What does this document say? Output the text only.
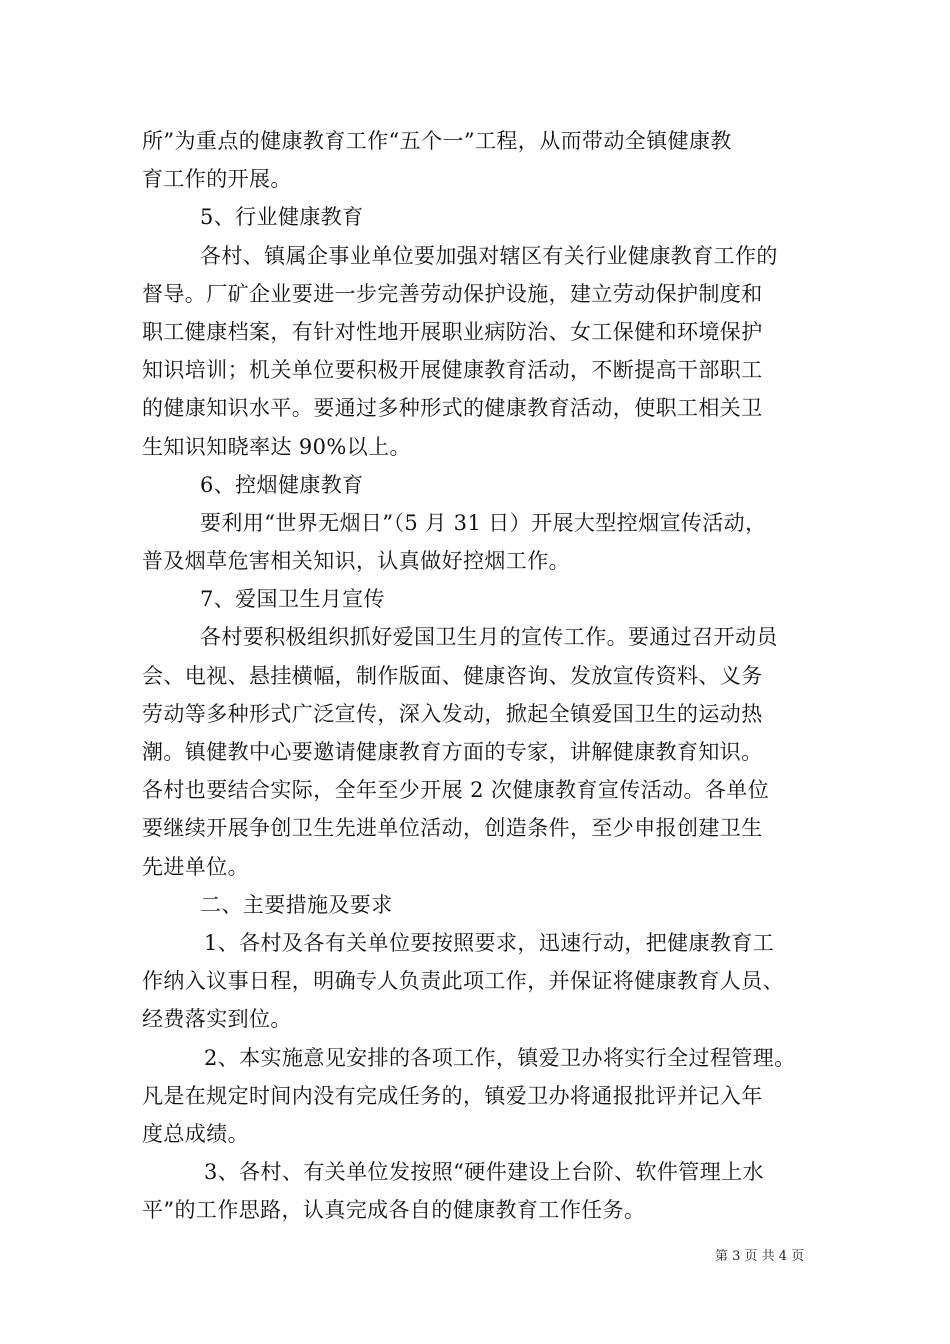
所”为重点的健康教育工作“五个一”工程，从而带动全镇健康教
育工作的开展。
5、行业健康教育
各村、镇属企事业单位要加强对辖区有关行业健康教育工作的
督导。厂矿企业要进一步完善劳动保护设施，建立劳动保护制度和
职工健康档案，有针对性地开展职业病防治、女工保健和环境保护
知识培训；机关单位要积极开展健康教育活动，不断提高干部职工
的健康知识水平。要通过多种形式的健康教育活动，使职工相关卫
生知识知晓率达 90%以上。
6、控烟健康教育
要利用“世界无烟日”（5 月 31 日）开展大型控烟宣传活动，
普及烟草危害相关知识，认真做好控烟工作。
7、爱国卫生月宣传
各村要积极组织抓好爱国卫生月的宣传工作。要通过召开动员
会、电视、悬挂横幅，制作版面、健康咨询、发放宣传资料、义务
劳动等多种形式广泛宣传，深入发动，掀起全镇爱国卫生的运动热
潮。镇健教中心要邀请健康教育方面的专家，讲解健康教育知识。
各村也要结合实际，全年至少开展 2 次健康教育宣传活动。各单位
要继续开展争创卫生先进单位活动，创造条件，至少申报创建卫生
先进单位。
二、主要措施及要求
1、各村及各有关单位要按照要求，迅速行动，把健康教育工
作纳入议事日程，明确专人负责此项工作，并保证将健康教育人员、
经费落实到位。
2、本实施意见安排的各项工作，镇爱卫办将实行全过程管理。
凡是在规定时间内没有完成任务的，镇爱卫办将通报批评并记入年
度总成绩。
3、各村、有关单位发按照“硬件建设上台阶、软件管理上水
平”的工作思路，认真完成各自的健康教育工作任务。
第 3 页 共 4 页
